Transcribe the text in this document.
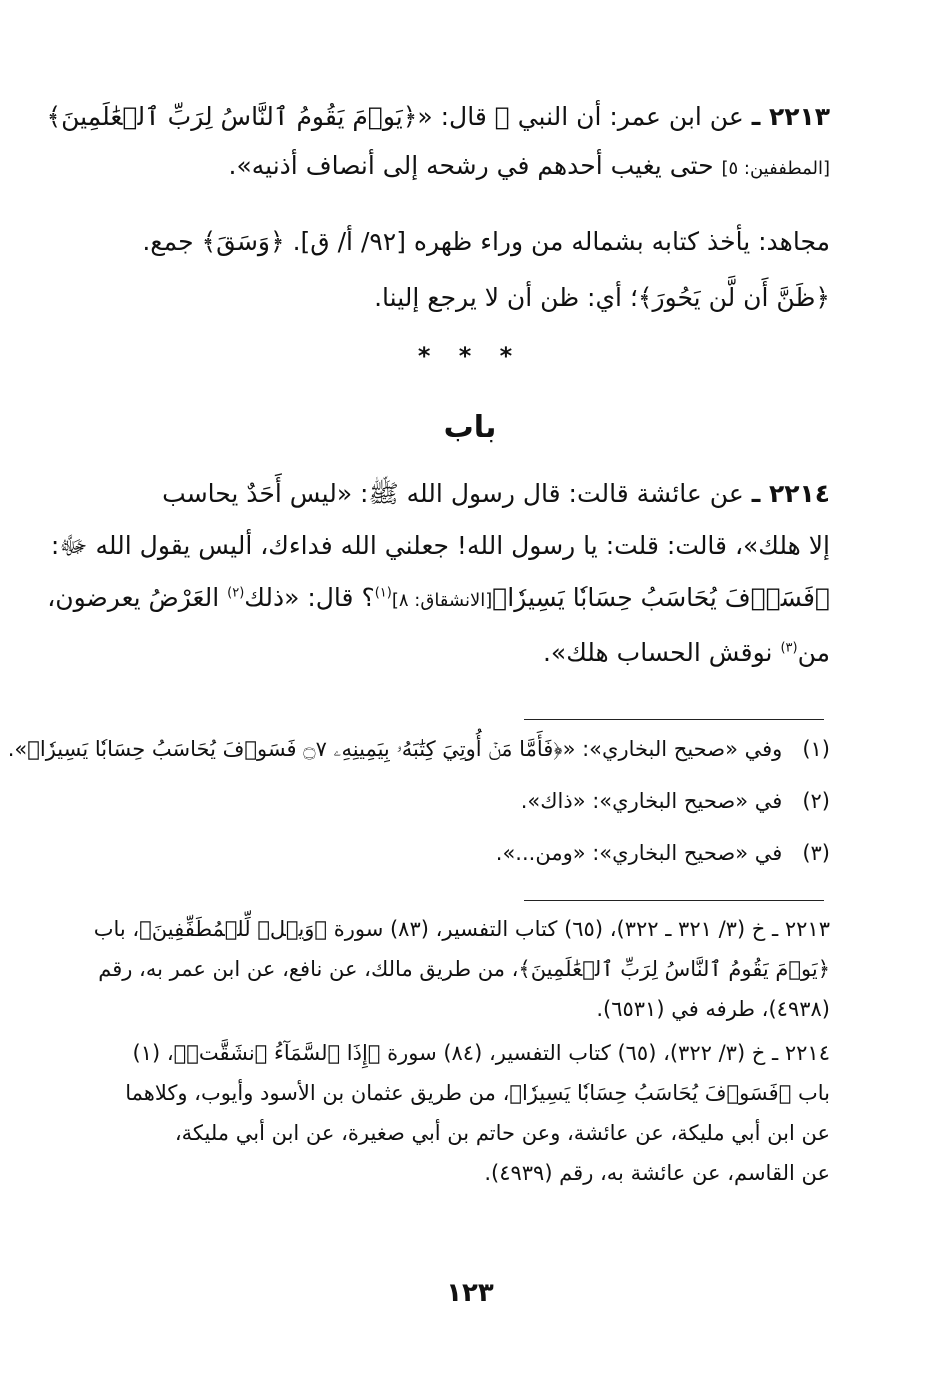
٢٢١٣ ـ عن ابن عمر: أن النبي ﷺ قال: «﴿يَوۡمَ يَقُومُ ٱلنَّاسُ لِرَبِّ ٱلۡعَٰلَمِينَ﴾

[المطففين: ٥] حتى يغيب أحدهم في رشحه إلى أنصاف أذنيه».

مجاهد: يأخذ كتابه بشماله من وراء ظهره [٩٢/ أ/ ق]. ﴿وَسَقَ﴾ جمع.

﴿ظَنَّ أَن لَّن يَحُورَ﴾؛ أي: ظن أن لا يرجع إلينا.

* * *

باب

٢٢١٤ ـ عن عائشة قالت: قال رسول الله ﷺ: «ليس أَحَدٌ يحاسب

إلا هلك»، قالت: قلت: يا رسول الله! جعلني الله فداءك، أليس يقول الله ﷻ:

﴿فَسَوۡفَ يُحَاسَبُ حِسَابٗا يَسِيرٗا﴾[الانشقاق: ٨]$^{(١)}$؟ قال: «ذلك$^{(٢)}$ العَرْضُ يعرضون،

من$^{(٣)}$ نوقش الحساب هلك».

(١)   وفي «صحيح البخاري»: «﴿فَأَمَّا مَنۡ أُوتِيَ كِتَٰبَهُۥ بِيَمِينِهِۦ ۝٧ فَسَوۡفَ يُحَاسَبُ حِسَابٗا يَسِيرٗا﴾».

(٢)   في «صحيح البخاري»: «ذاك».

(٣)   في «صحيح البخاري»: «ومن...».

٢٢١٣ ـ خ (٣/ ٣٢١ ـ ٣٢٢)، (٦٥) كتاب التفسير، (٨٣) سورة ﴿وَيۡلٞ لِّلۡمُطَفِّفِينَ﴾، باب

﴿يَوۡمَ يَقُومُ ٱلنَّاسُ لِرَبِّ ٱلۡعَٰلَمِينَ﴾، من طريق مالك، عن نافع، عن ابن عمر به، رقم

(٤٩٣٨)، طرفه في (٦٥٣١).

٢٢١٤ ـ خ (٣/ ٣٢٢)، (٦٥) كتاب التفسير، (٨٤) سورة ﴿إِذَا ٱلسَّمَآءُ ٱنشَقَّتۡ﴾، (١)

باب ﴿فَسَوۡفَ يُحَاسَبُ حِسَابٗا يَسِيرٗا﴾، من طريق عثمان بن الأسود وأيوب، وكلاهما

عن ابن أبي مليكة، عن عائشة، وعن حاتم بن أبي صغيرة، عن ابن أبي مليكة،

عن القاسم، عن عائشة به، رقم (٤٩٣٩).

١٢٣
